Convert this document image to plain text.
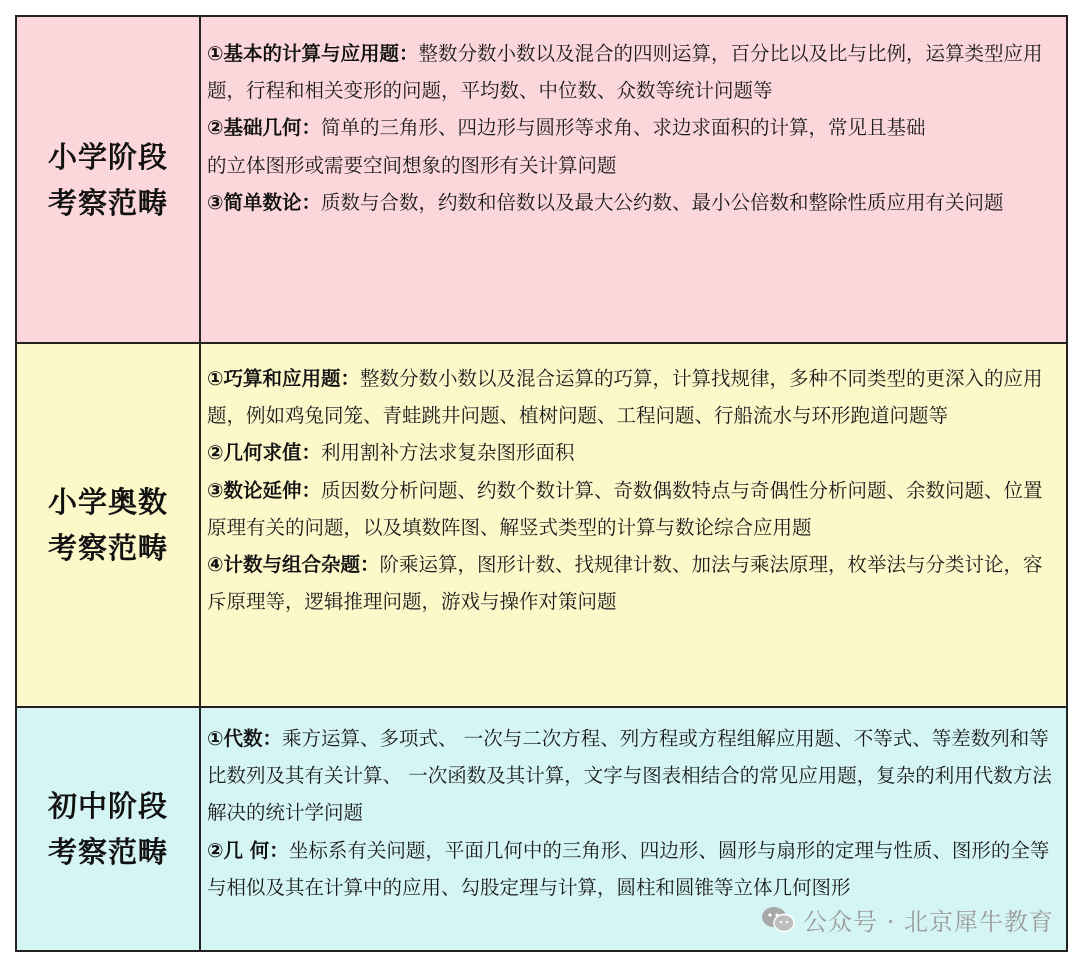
小学阶段
考察范畴

①基本的计算与应用题：整数分数小数以及混合的四则运算，百分比以及比与比例，运算类型应用题，行程和相关变形的问题，平均数、中位数、众数等统计问题等

②基础几何：简单的三角形、四边形与圆形等求角、求边求面积的计算，常见且基础
的立体图形或需要空间想象的图形有关计算问题

③简单数论：质数与合数，约数和倍数以及最大公约数、最小公倍数和整除性质应用有关问题

小学奥数
考察范畴

①巧算和应用题：整数分数小数以及混合运算的巧算，计算找规律，多种不同类型的更深入的应用题，例如鸡兔同笼、青蛙跳井问题、植树问题、工程问题、行船流水与环形跑道问题等

②几何求值：利用割补方法求复杂图形面积

③数论延伸：质因数分析问题、约数个数计算、奇数偶数特点与奇偶性分析问题、余数问题、位置原理有关的问题，以及填数阵图、解竖式类型的计算与数论综合应用题

④计数与组合杂题：阶乘运算，图形计数、找规律计数、加法与乘法原理，枚举法与分类讨论，容斥原理等，逻辑推理问题，游戏与操作对策问题

初中阶段
考察范畴

①代数：乘方运算、多项式、 一次与二次方程、列方程或方程组解应用题、不等式、等差数列和等比数列及其有关计算、 一次函数及其计算，文字与图表相结合的常见应用题，复杂的利用代数方法解决的统计学问题

②几 何：坐标系有关问题，平面几何中的三角形、四边形、圆形与扇形的定理与性质、图形的全等与相似及其在计算中的应用、勾股定理与计算，圆柱和圆锥等立体几何图形

公众号 · 北京犀牛教育
